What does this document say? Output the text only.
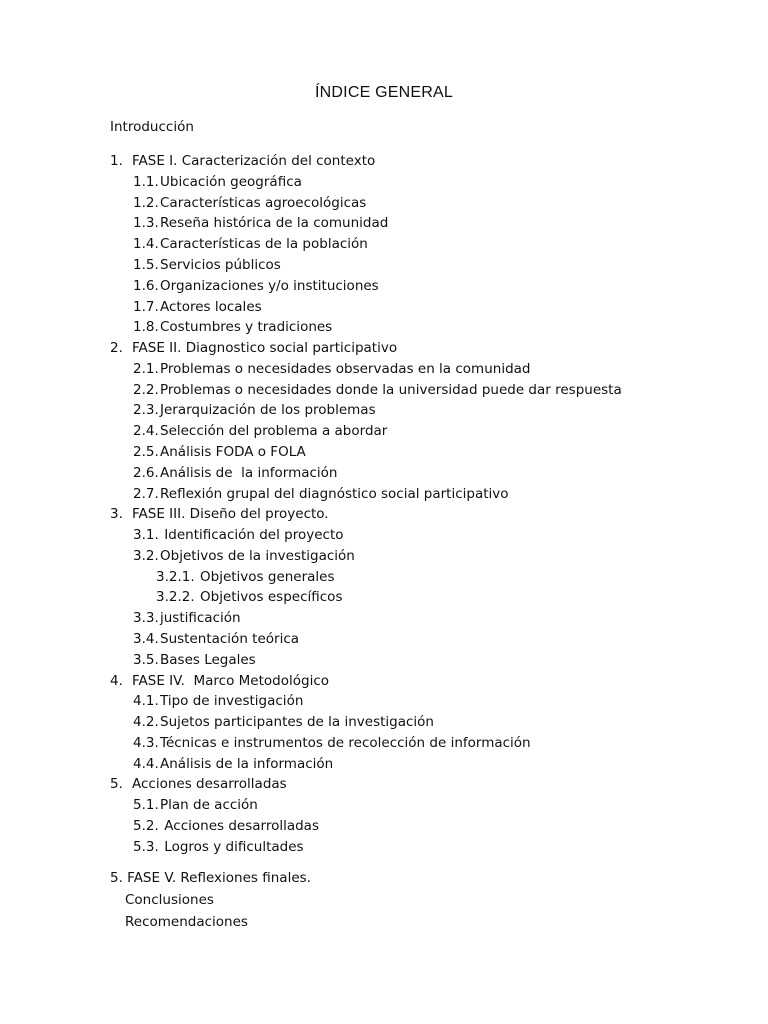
ÍNDICE GENERAL
Introducción
1. FASE I. Caracterización del contexto
1.1.Ubicación geográfica
1.2.Características agroecológicas
1.3.Reseña histórica de la comunidad
1.4.Características de la población
1.5.Servicios públicos
1.6.Organizaciones y/o instituciones
1.7.Actores locales
1.8.Costumbres y tradiciones
2. FASE II. Diagnostico social participativo
2.1.Problemas o necesidades observadas en la comunidad
2.2.Problemas o necesidades donde la universidad puede dar respuesta
2.3.Jerarquización de los problemas
2.4.Selección del problema a abordar
2.5.Análisis FODA o FOLA
2.6.Análisis de  la información
2.7.Reflexión grupal del diagnóstico social participativo
3. FASE III. Diseño del proyecto.
3.1. Identificación del proyecto
3.2.Objetivos de la investigación
3.2.1. Objetivos generales
3.2.2. Objetivos específicos
3.3.justificación
3.4.Sustentación teórica
3.5.Bases Legales
4. FASE IV.  Marco Metodológico
4.1.Tipo de investigación
4.2.Sujetos participantes de la investigación
4.3.Técnicas e instrumentos de recolección de información
4.4.Análisis de la información
5. Acciones desarrolladas
5.1.Plan de acción
5.2. Acciones desarrolladas
5.3. Logros y dificultades
5. FASE V. Reflexiones finales.
Conclusiones
Recomendaciones
